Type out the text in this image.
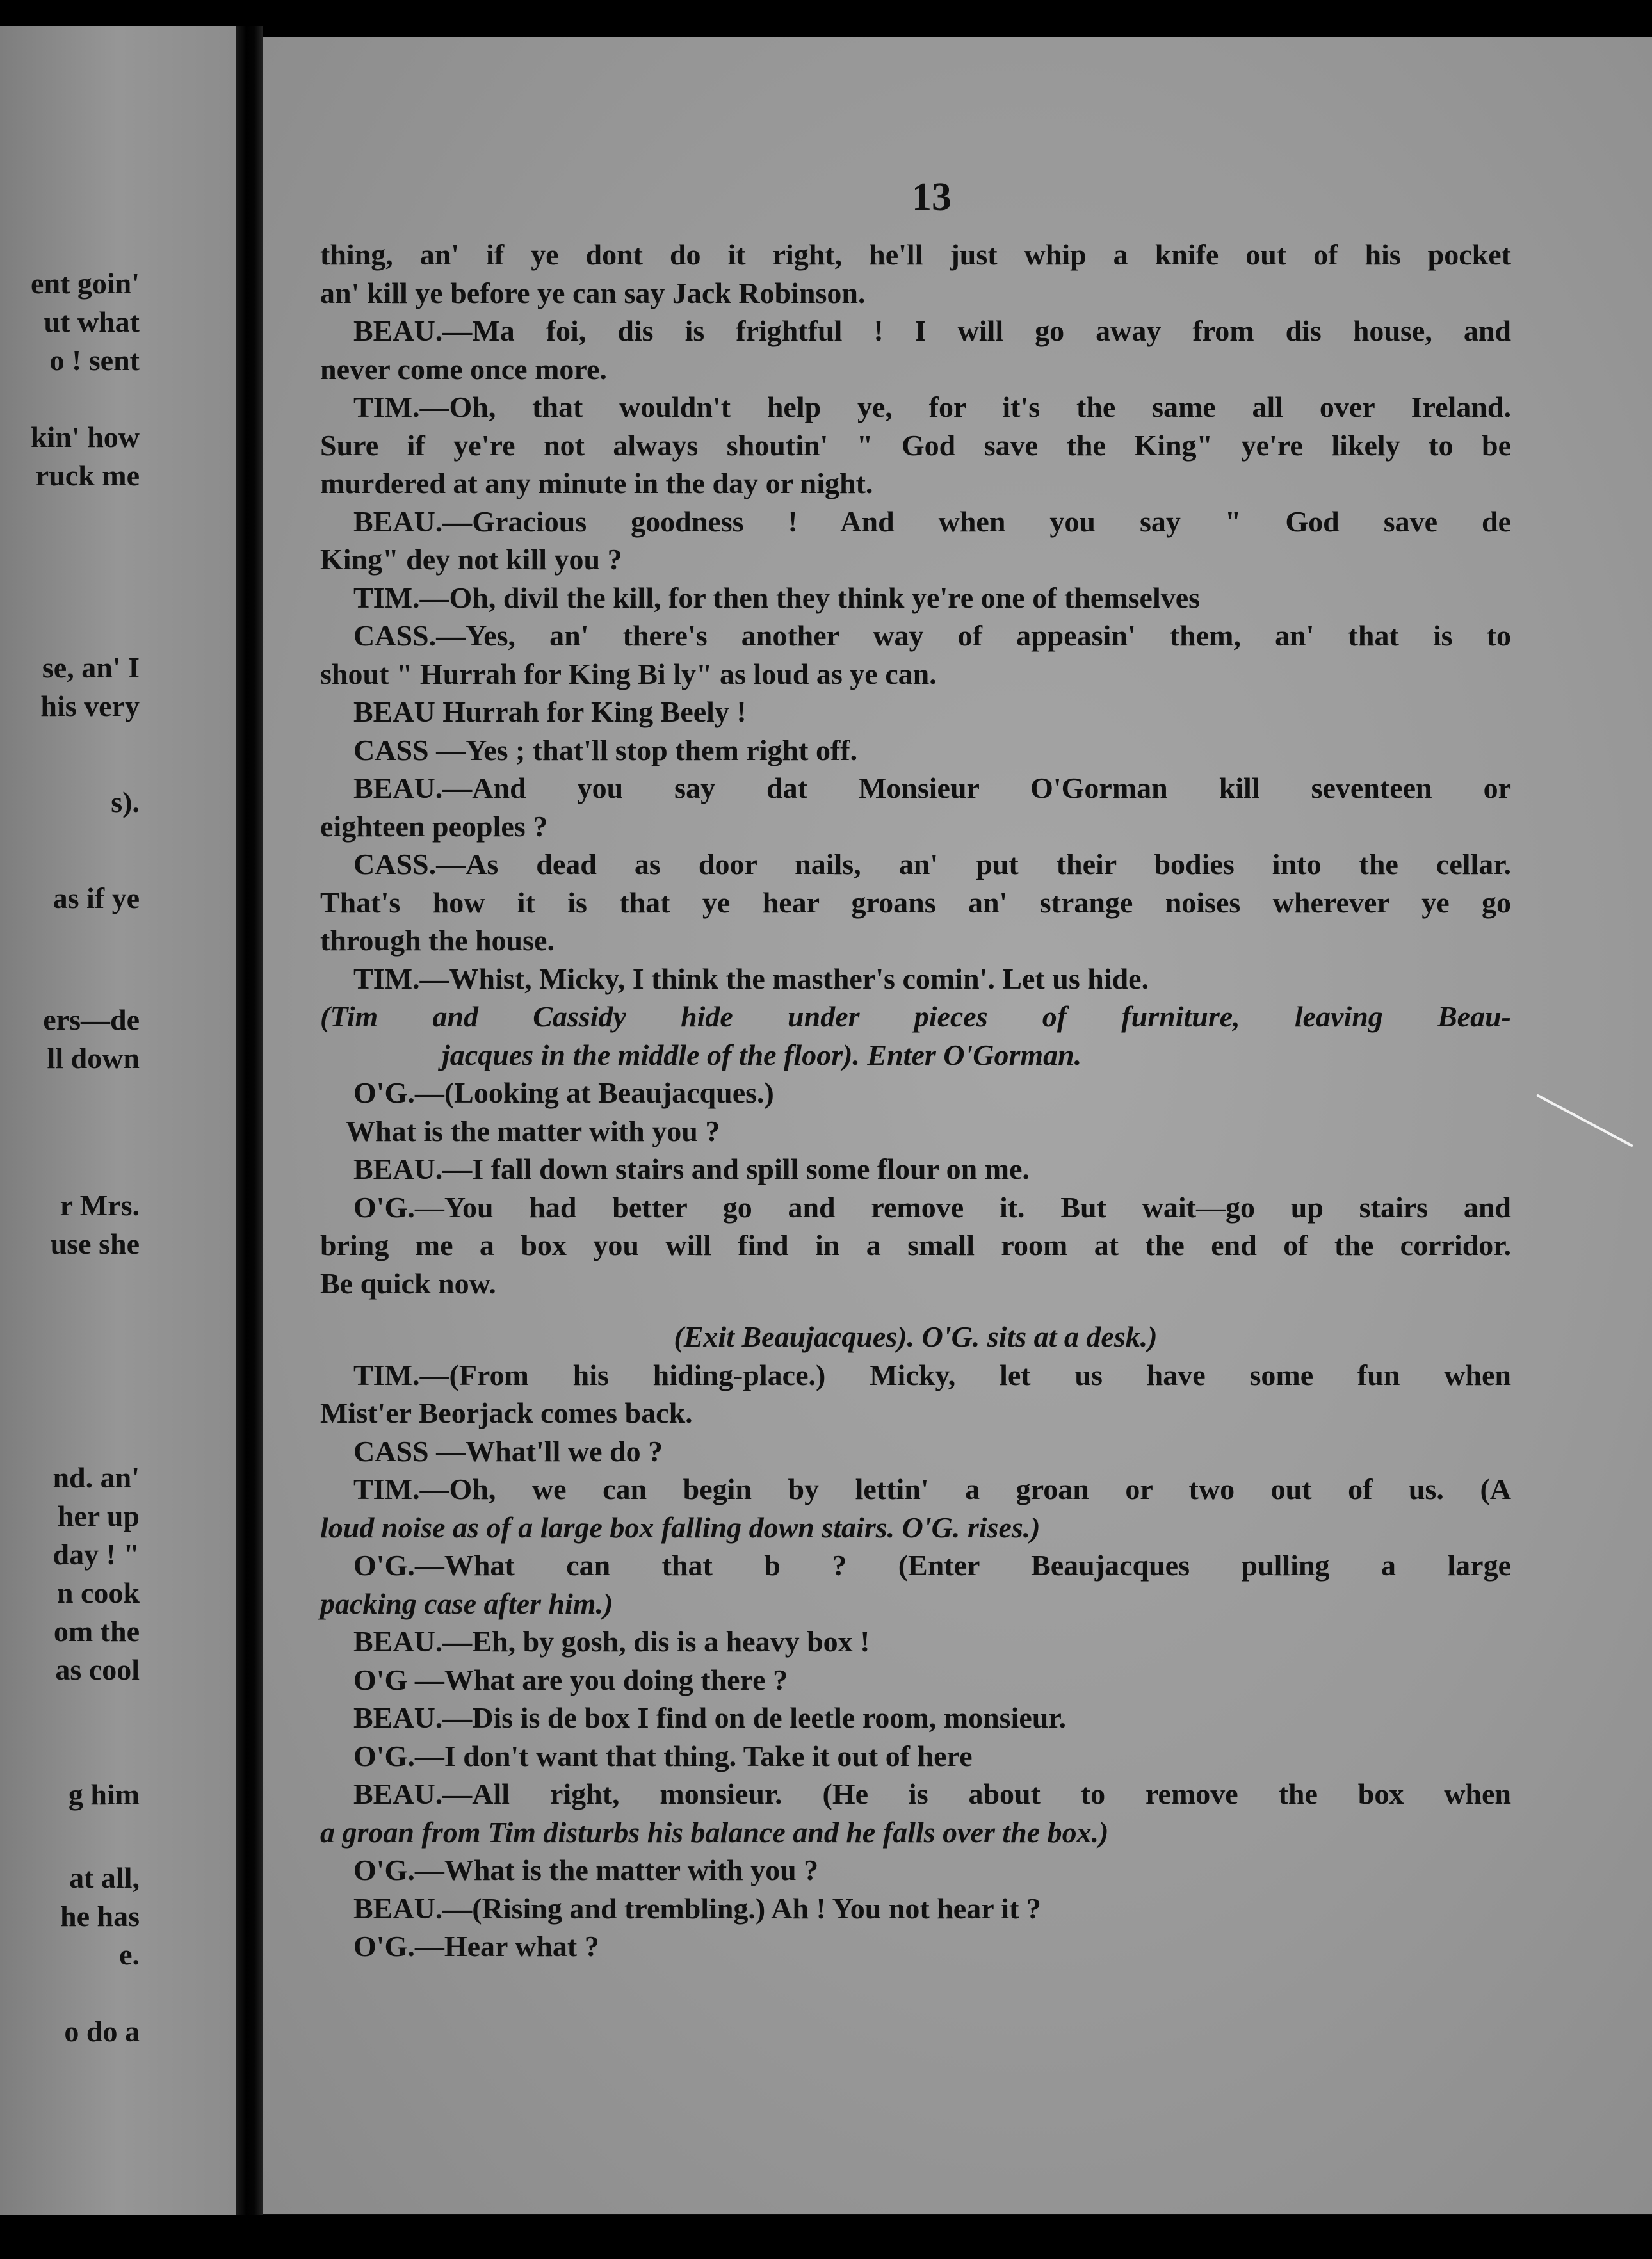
ent goin'

ut what

o ! sent

kin' how

ruck me

se, an' I

his very

s).

as if ye

ers—de

ll down

r Mrs.

use she

nd. an'

her up

day ! "

n cook

om the

as cool

g him

at all,

he has

e.

o do a

13

thing, an' if ye dont do it right, he'll just whip a knife out of his pocket

an' kill ye before ye can say Jack Robinson.

BEAU.—Ma foi, dis is frightful ! I will go away from dis house, and

never come once more.

TIM.—Oh, that wouldn't help ye, for it's the same all over Ireland.

Sure if ye're not always shoutin' " God save the King" ye're likely to be

murdered at any minute in the day or night.

BEAU.—Gracious goodness ! And when you say " God save de

King" dey not kill you ?

TIM.—Oh, divil the kill, for then they think ye're one of themselves

CASS.—Yes, an' there's another way of appeasin' them, an' that is to

shout " Hurrah for King Bi ly" as loud as ye can.

BEAU Hurrah for King Beely !

CASS —Yes ; that'll stop them right off.

BEAU.—And you say dat Monsieur O'Gorman kill seventeen or

eighteen peoples ?

CASS.—As dead as door nails, an' put their bodies into the cellar.

That's how it is that ye hear groans an' strange noises wherever ye go

through the house.

TIM.—Whist, Micky, I think the masther's comin'. Let us hide.

(Tim and Cassidy hide under pieces of furniture, leaving Beau-

jacques in the middle of the floor). Enter O'Gorman.

O'G.—(Looking at Beaujacques.)

What is the matter with you ?

BEAU.—I fall down stairs and spill some flour on me.

O'G.—You had better go and remove it. But wait—go up stairs and

bring me a box you will find in a small room at the end of the corridor.

Be quick now.

(Exit Beaujacques). O'G. sits at a desk.)

TIM.—(From his hiding-place.) Micky, let us have some fun when

Mist'er Beorjack comes back.

CASS —What'll we do ?

TIM.—Oh, we can begin by lettin' a groan or two out of us. (A

loud noise as of a large box falling down stairs. O'G. rises.)

O'G.—What can that b ? (Enter Beaujacques pulling a large

packing case after him.)

BEAU.—Eh, by gosh, dis is a heavy box !

O'G —What are you doing there ?

BEAU.—Dis is de box I find on de leetle room, monsieur.

O'G.—I don't want that thing. Take it out of here

BEAU.—All right, monsieur. (He is about to remove the box when

a groan from Tim disturbs his balance and he falls over the box.)

O'G.—What is the matter with you ?

BEAU.—(Rising and trembling.) Ah ! You not hear it ?

O'G.—Hear what ?
